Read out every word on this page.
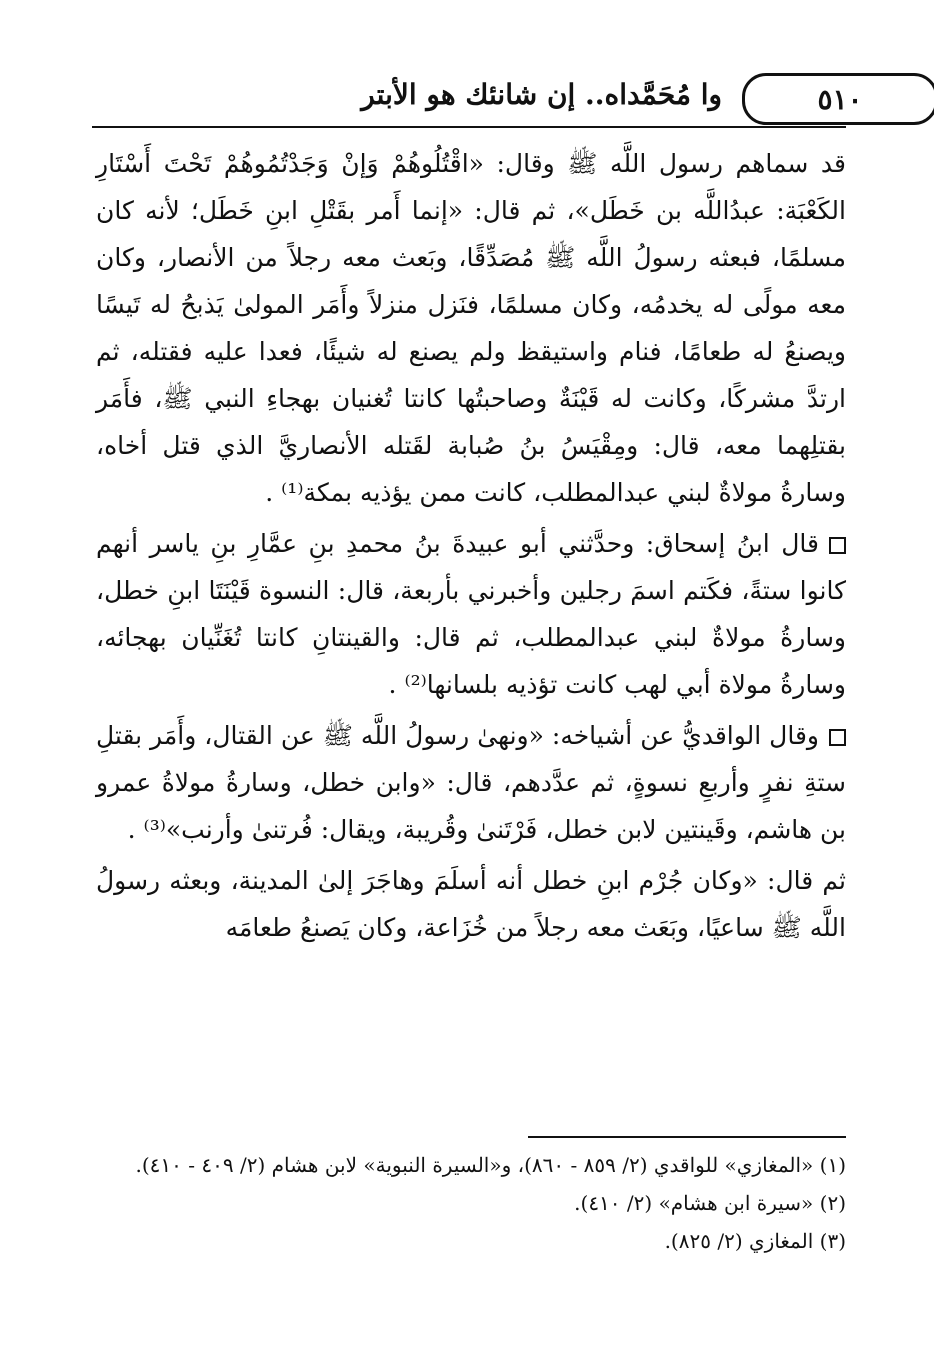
٥١٠
وا مُحَمَّداه.. إن شانئك هو الأبتر

قد سماهم رسول اللَّه ﷺ وقال: «اقْتُلُوهُمْ وَإنْ وَجَدْتُمُوهُمْ تَحْتَ أَسْتَارِ الكَعْبَة: عبدُاللَّه بن خَطَل»، ثم قال: «إنما أَمر بقَتْلِ ابنِ خَطَل؛ لأنه كان مسلمًا، فبعثه رسولُ اللَّه ﷺ مُصَدِّقًا، وبَعث معه رجلاً من الأنصار، وكان معه مولًى له يخدمُه، وكان مسلمًا، فنَزل منزلاً وأَمَر المولىٰ يَذبحُ له تَيسًا ويصنعُ له طعامًا، فنام واستيقظ ولم يصنع له شيئًا، فعدا عليه فقتله، ثم ارتدَّ مشركًا، وكانت له قَيْنَةٌ وصاحبتُها كانتا تُغنيان بهجاءِ النبي ﷺ، فأَمَر بقتلِهما معه، قال: ومِقْيَسُ بنُ صُبابة لقَتله الأنصاريَّ الذي قتل أخاه، وسارةُ مولاةٌ لبني عبدالمطلب، كانت ممن يؤذيه بمكة⁽¹⁾ .

قال ابنُ إسحاق: وحدَّثني أبو عبيدةَ بنُ محمدِ بنِ عمَّارِ بنِ ياسر أنهم كانوا ستةً، فكَتم اسمَ رجلين وأخبرني بأربعة، قال: النسوة قَيْنَتَا ابنِ خطل، وسارةُ مولاةٌ لبني عبدالمطلب، ثم قال: والقينتانِ كانتا تُغَنِّيان بهجائه، وسارةُ مولاة أبي لهب كانت تؤذيه بلسانها⁽²⁾ .

وقال الواقديُّ عن أشياخه: «ونهىٰ رسولُ اللَّه ﷺ عن القتال، وأَمَر بقتلِ ستةِ نفرٍ وأربعِ نسوةٍ، ثم عدَّدهم، قال: «وابن خطل، وسارةُ مولاةُ عمرو بن هاشم، وقَينتين لابن خطل، فَرْتَنىٰ وقُريبة، ويقال: فُرتنىٰ وأرنب»⁽³⁾ .

ثم قال: «وكان جُرْم ابنِ خطل أنه أسلَمَ وهاجَرَ إلىٰ المدينة، وبعثه رسولُ اللَّه ﷺ ساعيًا، وبَعَث معه رجلاً من خُزَاعة، وكان يَصنعُ طعامَه

(١) «المغازي» للواقدي (٢/ ٨٥٩ - ٨٦٠)، و«السيرة النبوية» لابن هشام (٢/ ٤٠٩ - ٤١٠).
(٢) «سيرة ابن هشام» (٢/ ٤١٠).
(٣) المغازي (٢/ ٨٢٥).
